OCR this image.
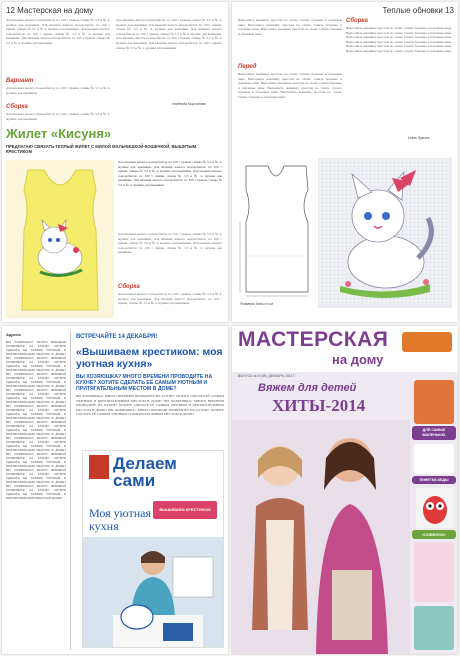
12 Мастерская на дому
Для вязания жилета понадобится: по 100 г пряжи, спицы № 3,5 и № 4, мулине для вышивки. Для вязания жилета понадобится: по 100 г пряжи, спицы № 3,5 и № 4, мулине для вышивки. Для вязания жилета понадобится: по 100 г пряжи, спицы № 3,5 и № 4, мулине для вышивки. Для вязания жилета понадобится: по 100 г пряжи, спицы № 3,5 и № 4, мулине для вышивки.
Вариант
Для вязания жилета понадобится: по 100 г пряжи, спицы № 3,5 и № 4, мулине для вышивки.
Сборка
Для вязания жилета понадобится: по 100 г пряжи, спицы № 3,5 и № 4, мулине для вышивки.
Для вязания жилета понадобится: по 100 г пряжи, спицы № 3,5 и № 4, мулине для вышивки. Для вязания жилета понадобится: по 100 г пряжи, спицы № 3,5 и № 4, мулине для вышивки. Для вязания жилета понадобится: по 100 г пряжи, спицы № 3,5 и № 4, мулине для вышивки. Для вязания жилета понадобится: по 100 г пряжи, спицы № 3,5 и № 4, мулине для вышивки. Для вязания жилета понадобится: по 100 г пряжи, спицы № 3,5 и № 4, мулине для вышивки.
Надежда Кирсанова
Жилет «Кисуня»
ПРЕДЛАГАЮ СВЯЗАТЬ ТЕПЛЫЙ ЖИЛЕТ С МИЛОЙ МАЛЬЧИШКОЙ-КОШЕЧКОЙ, ВЫШИТЫМ КРЕСТИКОМ
Для вязания жилета понадобится: по 100 г пряжи, спицы № 3,5 и № 4, мулине для вышивки. Для вязания жилета понадобится: по 100 г пряжи, спицы № 3,5 и № 4, мулине для вышивки. Для вязания жилета понадобится: по 100 г пряжи, спицы № 3,5 и № 4, мулине для вышивки. Для вязания жилета понадобится: по 100 г пряжи, спицы № 3,5 и № 4, мулине для вышивки.
Для вязания жилета понадобится: по 100 г пряжи, спицы № 3,5 и № 4, мулине для вышивки. Для вязания жилета понадобится: по 100 г пряжи, спицы № 3,5 и № 4, мулине для вышивки. Для вязания жилета понадобится: по 100 г пряжи, спицы № 3,5 и № 4, мулине для вышивки.
Сборка
Для вязания жилета понадобится: по 100 г пряжи, спицы № 3,5 и № 4, мулине для вышивки. Для вязания жилета понадобится: по 100 г пряжи, спицы № 3,5 и № 4, мулине для вышивки.
Теплые обновки 13
Выполнить вышивку крестом по схеме. Сшить боковые и плечевые швы. Выполнить вышивку крестом по схеме. Сшить боковые и плечевые швы. Выполнить вышивку крестом по схеме. Сшить боковые и плечевые швы.
Перед
Выполнить вышивку крестом по схеме. Сшить боковые и плечевые швы. Выполнить вышивку крестом по схеме. Сшить боковые и плечевые швы. Выполнить вышивку крестом по схеме. Сшить боковые и плечевые швы. Выполнить вышивку крестом по схеме. Сшить боковые и плечевые швы. Выполнить вышивку крестом по схеме. Сшить боковые и плечевые швы.
Сборка
Выполнить вышивку крестом по схеме. Сшить боковые и плечевые швы. Выполнить вышивку крестом по схеме. Сшить боковые и плечевые швы. Выполнить вышивку крестом по схеме. Сшить боковые и плечевые швы. Выполнить вышивку крестом по схеме. Сшить боковые и плечевые швы. Выполнить вышивку крестом по схеме. Сшить боковые и плечевые швы. Выполнить вышивку крестом по схеме. Сшить боковые и плечевые швы.
Инна Лукина
Размеры даны в см
Адреса
ВЫ ХОЗЯЮШКА? МНОГО ВРЕМЕНИ ПРОВОДИТЕ НА КУХНЕ? ХОТИТЕ СДЕЛАТЬ ЕЁ САМЫМ УЮТНЫМ И ПРИТЯГАТЕЛЬНЫМ МЕСТОМ В ДОМЕ? ВЫ ХОЗЯЮШКА? МНОГО ВРЕМЕНИ ПРОВОДИТЕ НА КУХНЕ? ХОТИТЕ СДЕЛАТЬ ЕЁ САМЫМ УЮТНЫМ И ПРИТЯГАТЕЛЬНЫМ МЕСТОМ В ДОМЕ? ВЫ ХОЗЯЮШКА? МНОГО ВРЕМЕНИ ПРОВОДИТЕ НА КУХНЕ? ХОТИТЕ СДЕЛАТЬ ЕЁ САМЫМ УЮТНЫМ И ПРИТЯГАТЕЛЬНЫМ МЕСТОМ В ДОМЕ? ВЫ ХОЗЯЮШКА? МНОГО ВРЕМЕНИ ПРОВОДИТЕ НА КУХНЕ? ХОТИТЕ СДЕЛАТЬ ЕЁ САМЫМ УЮТНЫМ И ПРИТЯГАТЕЛЬНЫМ МЕСТОМ В ДОМЕ? ВЫ ХОЗЯЮШКА? МНОГО ВРЕМЕНИ ПРОВОДИТЕ НА КУХНЕ? ХОТИТЕ СДЕЛАТЬ ЕЁ САМЫМ УЮТНЫМ И ПРИТЯГАТЕЛЬНЫМ МЕСТОМ В ДОМЕ? ВЫ ХОЗЯЮШКА? МНОГО ВРЕМЕНИ ПРОВОДИТЕ НА КУХНЕ? ХОТИТЕ СДЕЛАТЬ ЕЁ САМЫМ УЮТНЫМ И ПРИТЯГАТЕЛЬНЫМ МЕСТОМ В ДОМЕ? ВЫ ХОЗЯЮШКА? МНОГО ВРЕМЕНИ ПРОВОДИТЕ НА КУХНЕ? ХОТИТЕ СДЕЛАТЬ ЕЁ САМЫМ УЮТНЫМ И ПРИТЯГАТЕЛЬНЫМ МЕСТОМ В ДОМЕ? ВЫ ХОЗЯЮШКА? МНОГО ВРЕМЕНИ ПРОВОДИТЕ НА КУХНЕ? ХОТИТЕ СДЕЛАТЬ ЕЁ САМЫМ УЮТНЫМ И ПРИТЯГАТЕЛЬНЫМ МЕСТОМ В ДОМЕ? ВЫ ХОЗЯЮШКА? МНОГО ВРЕМЕНИ ПРОВОДИТЕ НА КУХНЕ? ХОТИТЕ СДЕЛАТЬ ЕЁ САМЫМ УЮТНЫМ И ПРИТЯГАТЕЛЬНЫМ МЕСТОМ В ДОМЕ? ВЫ ХОЗЯЮШКА? МНОГО ВРЕМЕНИ ПРОВОДИТЕ НА КУХНЕ? ХОТИТЕ СДЕЛАТЬ ЕЁ САМЫМ УЮТНЫМ И ПРИТЯГАТЕЛЬНЫМ МЕСТОМ В ДОМЕ?
ВСТРЕЧАЙТЕ 14 ДЕКАБРЯ!
«Вышиваем крестиком: моя уютная кухня»
ВЫ ХОЗЯЮШКА? МНОГО ВРЕМЕНИ ПРОВОДИТЕ НА КУХНЕ? ХОТИТЕ СДЕЛАТЬ ЕЁ САМЫМ УЮТНЫМ И ПРИТЯГАТЕЛЬНЫМ МЕСТОМ В ДОМЕ?
ВЫ ХОЗЯЮШКА? МНОГО ВРЕМЕНИ ПРОВОДИТЕ НА КУХНЕ? ХОТИТЕ СДЕЛАТЬ ЕЁ САМЫМ УЮТНЫМ И ПРИТЯГАТЕЛЬНЫМ МЕСТОМ В ДОМЕ? ВЫ ХОЗЯЮШКА? МНОГО ВРЕМЕНИ ПРОВОДИТЕ НА КУХНЕ? ХОТИТЕ СДЕЛАТЬ ЕЁ САМЫМ УЮТНЫМ И ПРИТЯГАТЕЛЬНЫМ МЕСТОМ В ДОМЕ? ВЫ ХОЗЯЮШКА? МНОГО ВРЕМЕНИ ПРОВОДИТЕ НА КУХНЕ? ХОТИТЕ СДЕЛАТЬ ЕЁ САМЫМ УЮТНЫМ И ПРИТЯГАТЕЛЬНЫМ МЕСТОМ В ДОМЕ?
Делаем сами
ВЫШИВАЕМ КРЕСТИКОМ
Моя уютная кухня
МАСТЕРСКАЯ
на дому
ВЫПУСК № 5 (38), ДЕКАБРЬ 2014 Г.
Вяжем для детей
ХИТЫ-2014
ДЛЯ САМЫХ МАЛЕНЬКИХ
ПИНЕТКИ-КЕДЫ
«СОВЕНОК»
